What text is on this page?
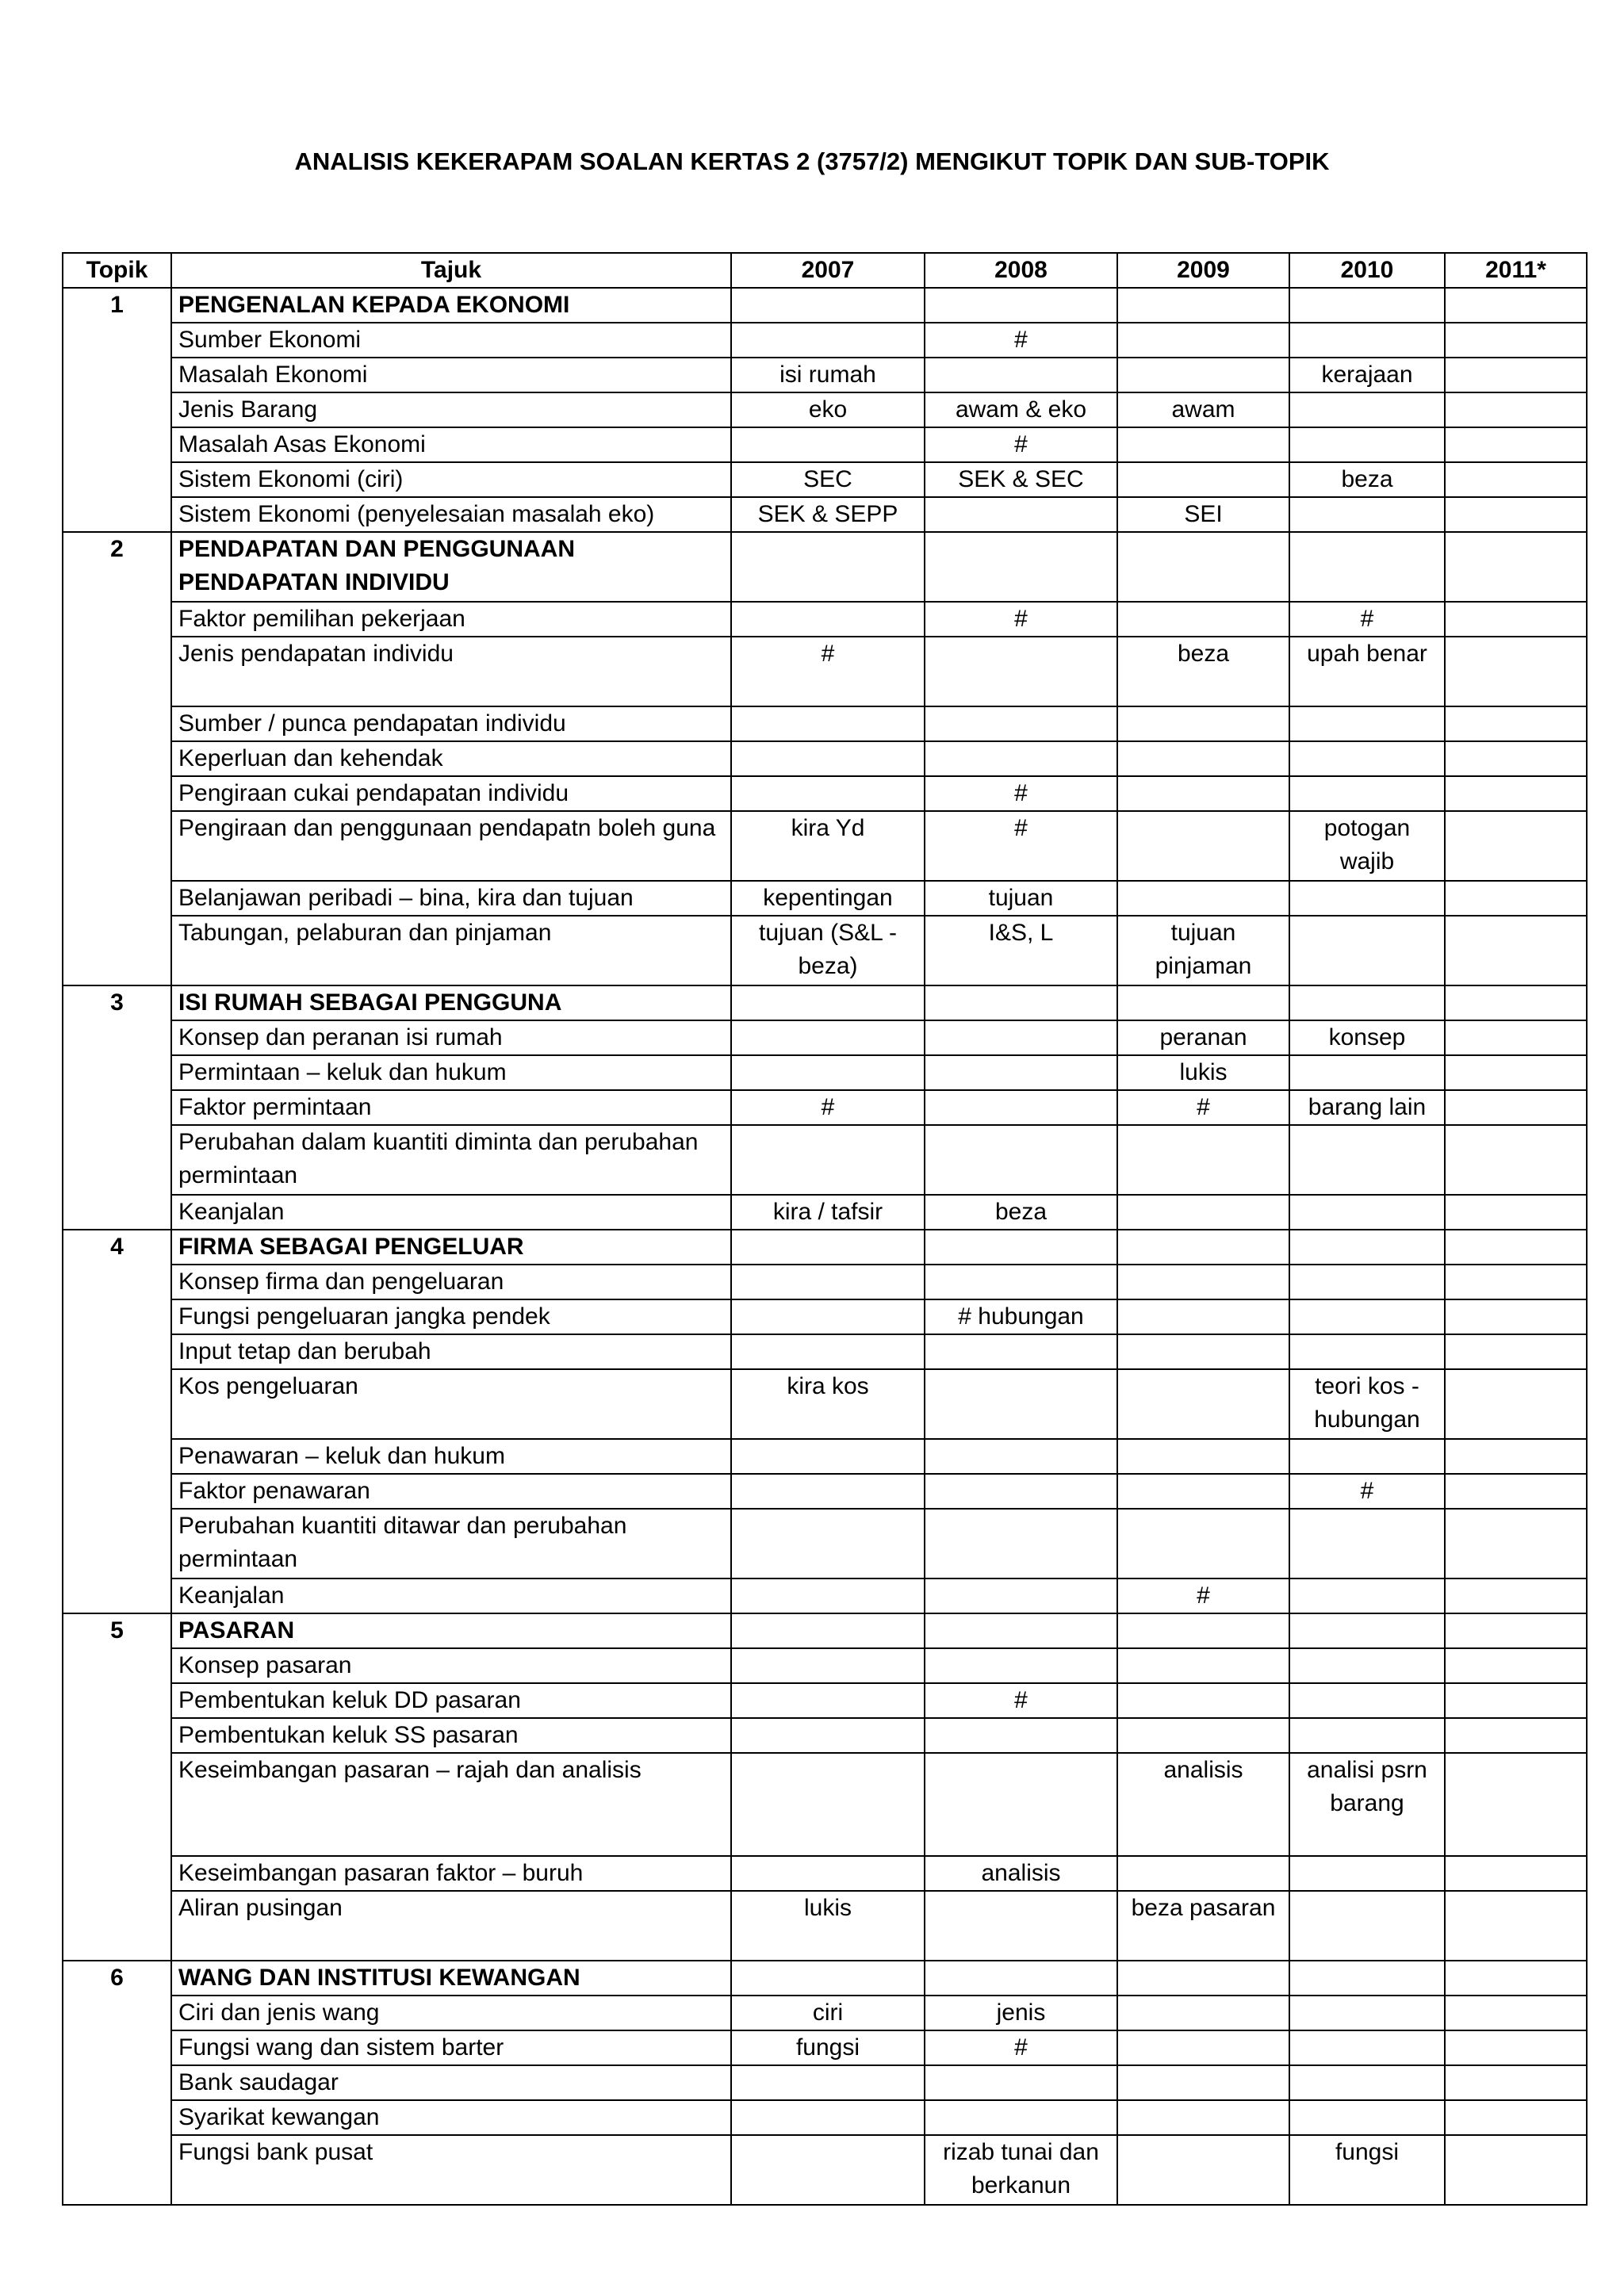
ANALISIS KEKERAPAM SOALAN KERTAS 2 (3757/2) MENGIKUT TOPIK DAN SUB-TOPIK
Topik	Tajuk	2007	2008	2009	2010	2011*
1	PENGENALAN KEPADA EKONOMI					
	Sumber Ekonomi		#			
	Masalah Ekonomi	isi rumah			kerajaan	
	Jenis Barang	eko	awam & eko	awam		
	Masalah Asas Ekonomi		#			
	Sistem Ekonomi (ciri)	SEC	SEK & SEC		beza	
	Sistem Ekonomi (penyelesaian masalah eko)	SEK & SEPP		SEI		
2	PENDAPATAN DAN PENGGUNAAN PENDAPATAN INDIVIDU					
	Faktor pemilihan pekerjaan		#		#	
	Jenis pendapatan individu	#		beza	upah benar	
	Sumber / punca pendapatan individu					
	Keperluan dan kehendak					
	Pengiraan cukai pendapatan individu		#			
	Pengiraan dan penggunaan pendapatn boleh guna	kira Yd	#		potogan wajib	
	Belanjawan peribadi – bina, kira dan tujuan	kepentingan	tujuan			
	Tabungan, pelaburan dan pinjaman	tujuan (S&L - beza)	I&S, L	tujuan pinjaman		
3	ISI RUMAH SEBAGAI PENGGUNA					
	Konsep dan peranan isi rumah			peranan	konsep	
	Permintaan – keluk dan hukum			lukis		
	Faktor permintaan	#		#	barang lain	
	Perubahan dalam kuantiti diminta dan perubahan permintaan					
	Keanjalan	kira / tafsir	beza			
4	FIRMA SEBAGAI PENGELUAR					
	Konsep firma dan pengeluaran					
	Fungsi pengeluaran jangka pendek		# hubungan			
	Input tetap dan berubah					
	Kos pengeluaran	kira kos			teori kos - hubungan	
	Penawaran – keluk dan hukum					
	Faktor penawaran				#	
	Perubahan kuantiti ditawar dan perubahan permintaan					
	Keanjalan			#		
5	PASARAN					
	Konsep pasaran					
	Pembentukan keluk DD pasaran		#			
	Pembentukan keluk SS pasaran					
	Keseimbangan pasaran – rajah dan analisis			analisis	analisi psrn barang	
	Keseimbangan pasaran faktor – buruh		analisis			
	Aliran pusingan	lukis		beza pasaran		
6	WANG DAN INSTITUSI KEWANGAN					
	Ciri dan jenis wang	ciri	jenis			
	Fungsi wang dan sistem barter	fungsi	#			
	Bank saudagar					
	Syarikat kewangan					
	Fungsi bank pusat		rizab tunai dan berkanun		fungsi	
